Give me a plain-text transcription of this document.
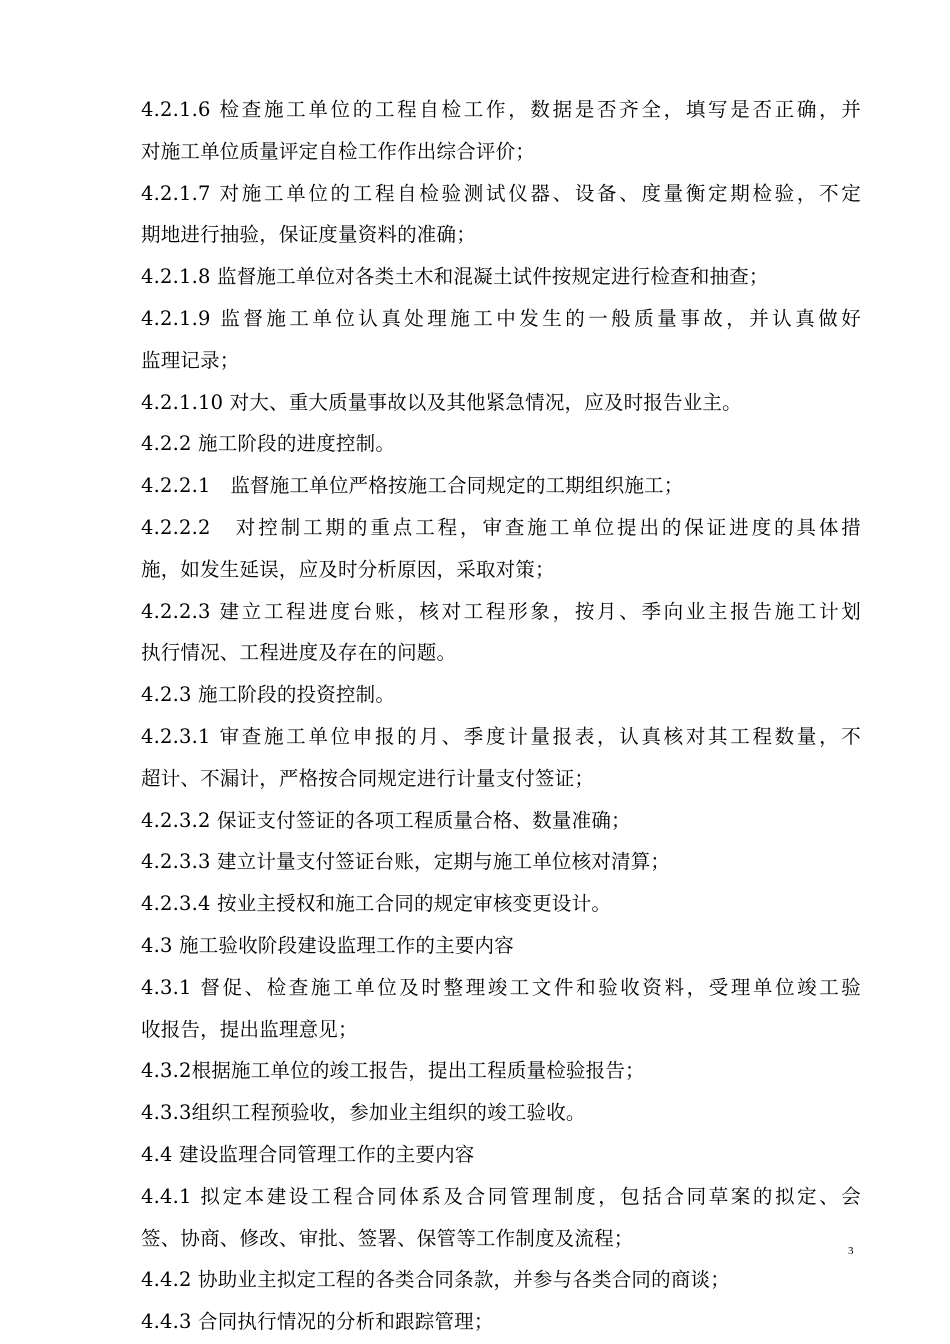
4.2.1.6 检查施工单位的工程自检工作，数据是否齐全，填写是否正确，并
对施工单位质量评定自检工作作出综合评价；
4.2.1.7 对施工单位的工程自检验测试仪器、设备、度量衡定期检验，不定
期地进行抽验，保证度量资料的准确；
4.2.1.8 监督施工单位对各类土木和混凝土试件按规定进行检查和抽查；
4.2.1.9 监督施工单位认真处理施工中发生的一般质量事故，并认真做好
监理记录；
4.2.1.10 对大、重大质量事故以及其他紧急情况，应及时报告业主。
4.2.2 施工阶段的进度控制。
4.2.2.1　监督施工单位严格按施工合同规定的工期组织施工；
4.2.2.2　对控制工期的重点工程，审查施工单位提出的保证进度的具体措
施，如发生延误，应及时分析原因，采取对策；
4.2.2.3 建立工程进度台账，核对工程形象，按月、季向业主报告施工计划
执行情况、工程进度及存在的问题。
4.2.3 施工阶段的投资控制。
4.2.3.1 审查施工单位申报的月、季度计量报表，认真核对其工程数量，不
超计、不漏计，严格按合同规定进行计量支付签证；
4.2.3.2 保证支付签证的各项工程质量合格、数量准确；
4.2.3.3 建立计量支付签证台账，定期与施工单位核对清算；
4.2.3.4 按业主授权和施工合同的规定审核变更设计。
4.3 施工验收阶段建设监理工作的主要内容
4.3.1 督促、检查施工单位及时整理竣工文件和验收资料，受理单位竣工验
收报告，提出监理意见；
4.3.2根据施工单位的竣工报告，提出工程质量检验报告；
4.3.3组织工程预验收，参加业主组织的竣工验收。
4.4 建设监理合同管理工作的主要内容
4.4.1 拟定本建设工程合同体系及合同管理制度，包括合同草案的拟定、会
签、协商、修改、审批、签署、保管等工作制度及流程；
4.4.2 协助业主拟定工程的各类合同条款，并参与各类合同的商谈；
4.4.3 合同执行情况的分析和跟踪管理；
3
